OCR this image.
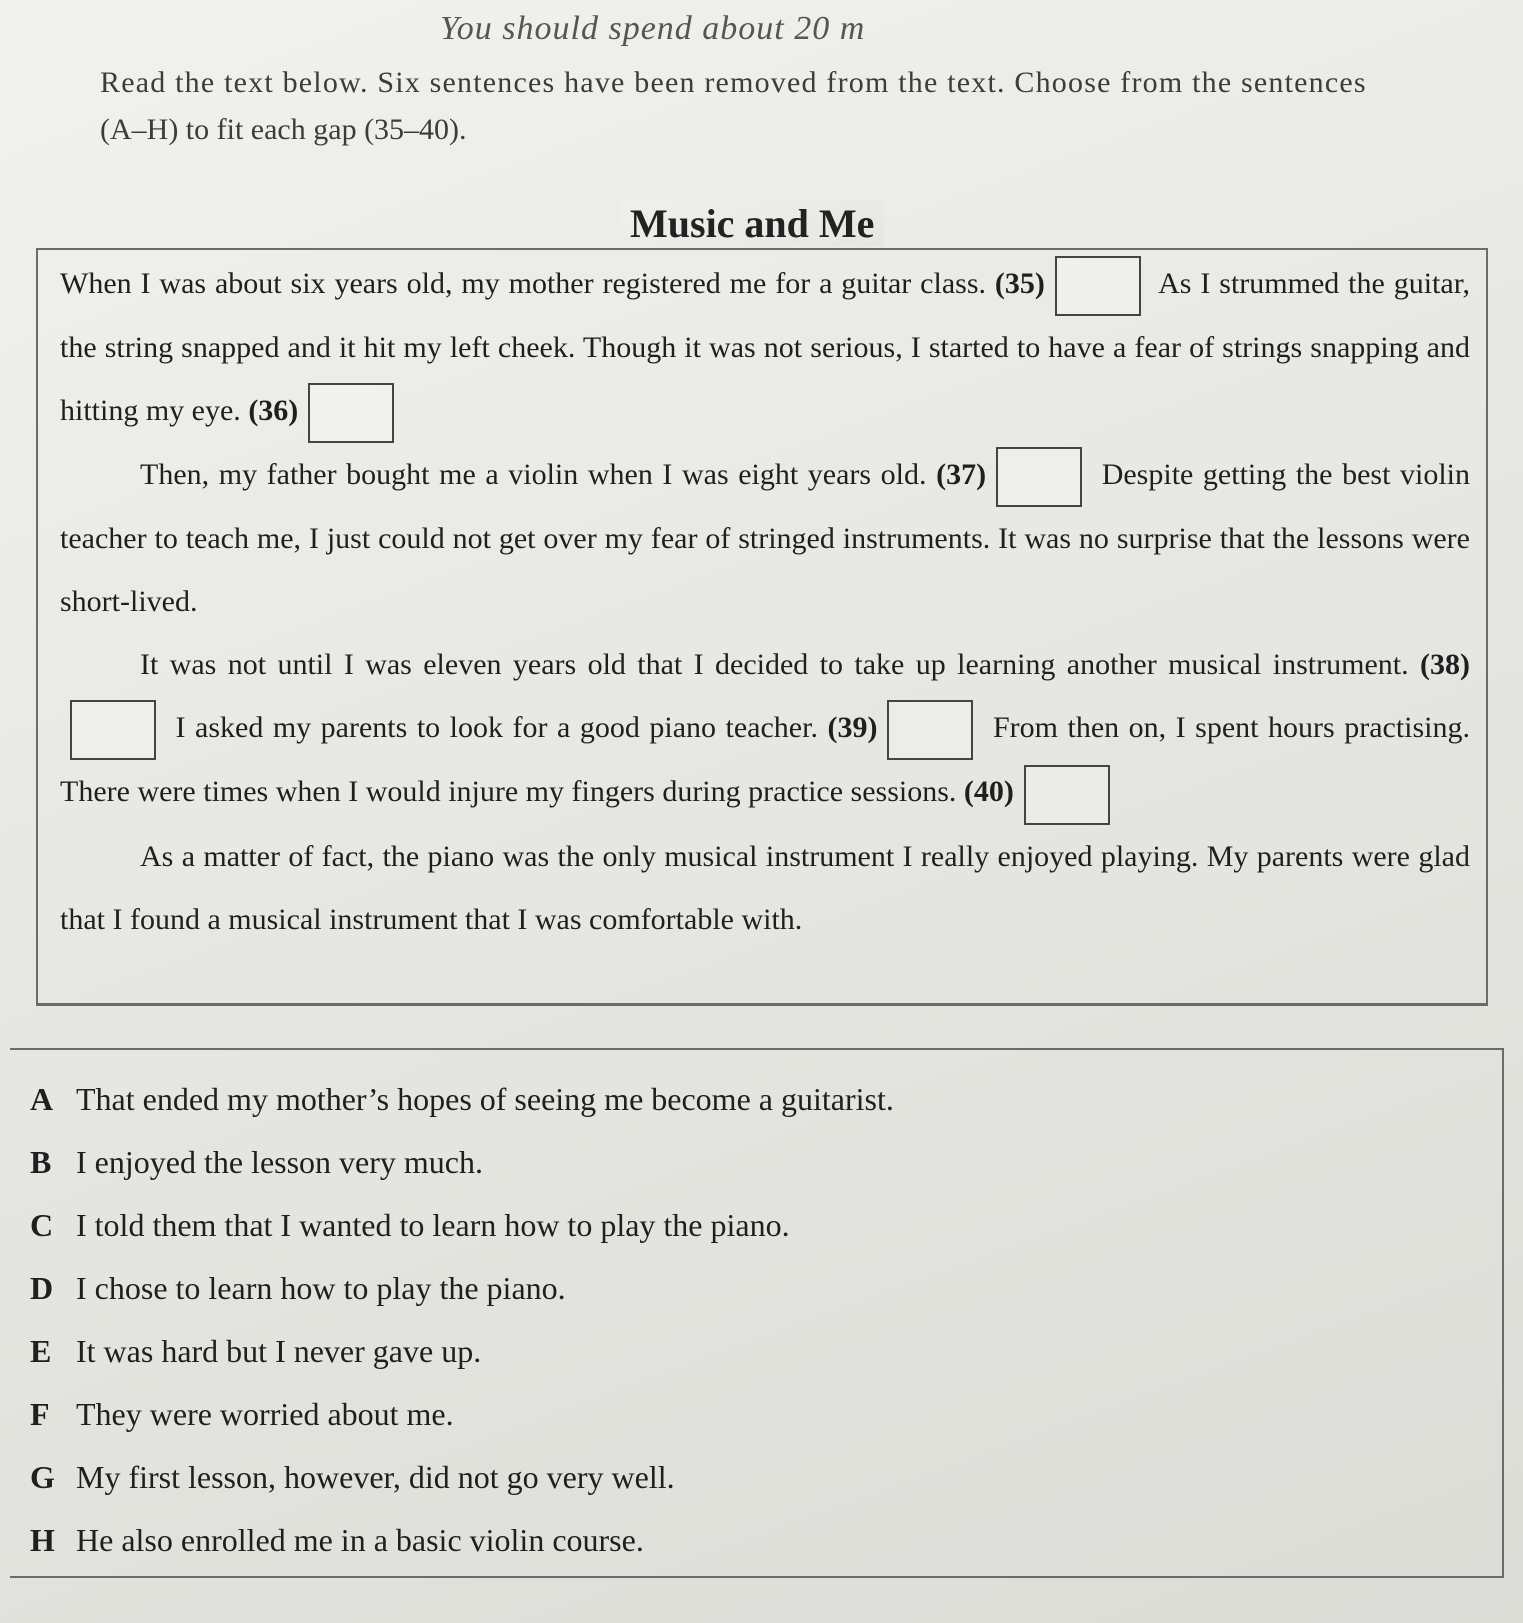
You should spend about 20 m
Read the text below. Six sentences have been removed from the text. Choose from the sentences
(A–H) to fit each gap (35–40).
Music and Me

When I was about six years old, my mother registered me for a guitar class. (35)	As I strummed the guitar, the string snapped and it hit my left cheek. Though it was not serious, I started to have a fear of strings snapping and hitting my eye. (36)

Then, my father bought me a violin when I was eight years old. (37)	Despite getting the best violin teacher to teach me, I just could not get over my fear of stringed instruments. It was no surprise that the lessons were short-lived.

It was not until I was eleven years old that I decided to take up learning another musical instrument. (38) I asked my parents to look for a good piano teacher. (39)	From then on, I spent hours practising. There were times when I would injure my fingers during practice sessions. (40)

As a matter of fact, the piano was the only musical instrument I really enjoyed playing. My parents were glad that I found a musical instrument that I was comfortable with.

A That ended my mother’s hopes of seeing me become a guitarist.
B I enjoyed the lesson very much.
C I told them that I wanted to learn how to play the piano.
D I chose to learn how to play the piano.
E It was hard but I never gave up.
F They were worried about me.
G My first lesson, however, did not go very well.
H He also enrolled me in a basic violin course.
